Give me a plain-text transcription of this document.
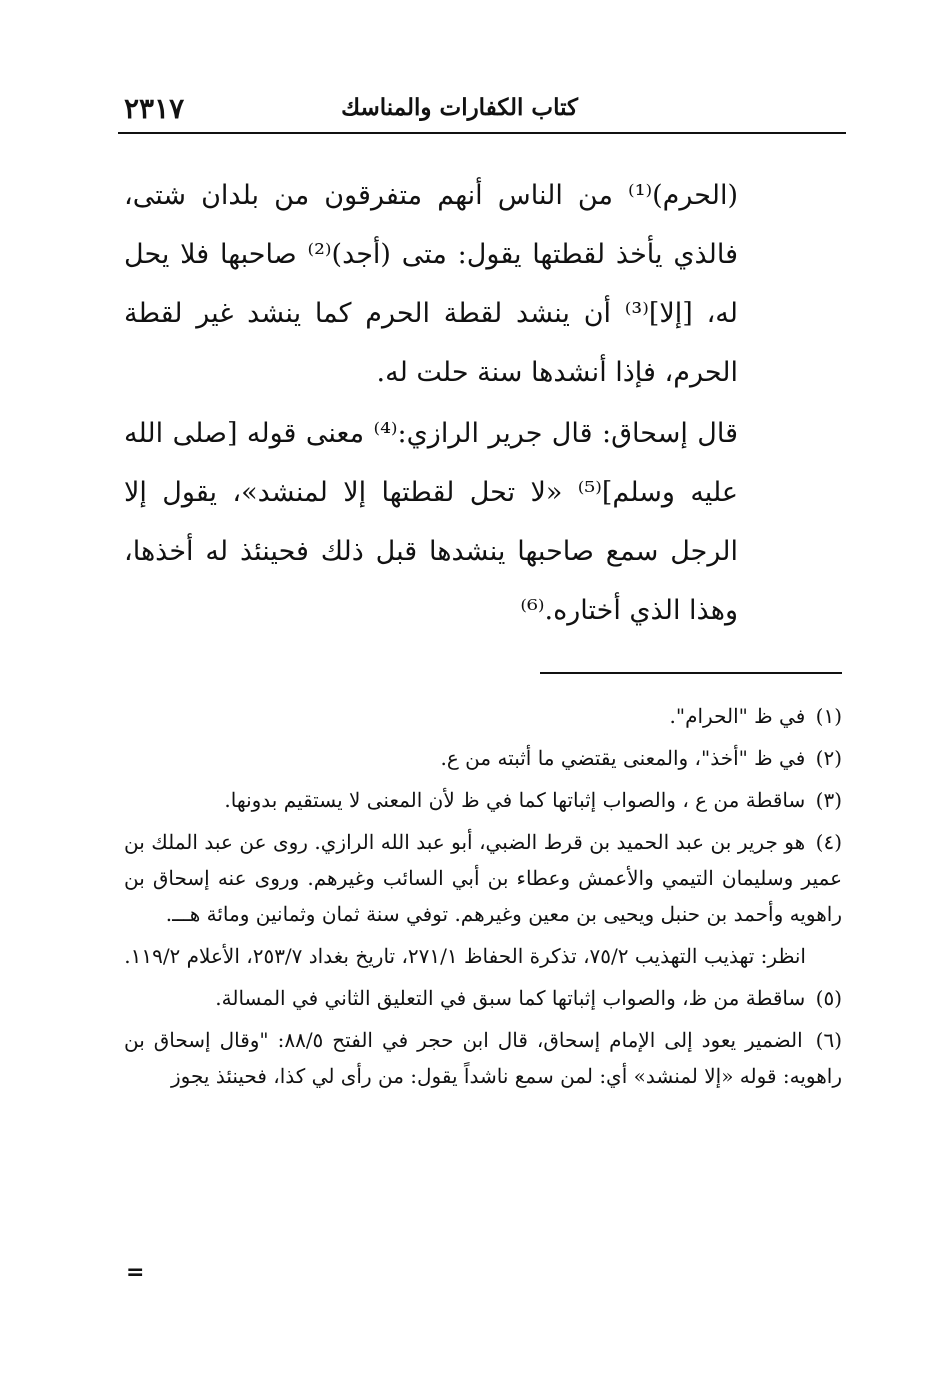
كتاب الكفارات والمناسك
٢٣١٧

(الحرم)⁽¹⁾ من الناس أنهم متفرقون من بلدان شتى، فالذي يأخذ لقطتها يقول: متى (أجد)⁽²⁾ صاحبها فلا يحل له، [إلا]⁽³⁾ أن ينشد لقطة الحرم كما ينشد غير لقطة الحرم، فإذا أنشدها سنة حلت له.

قال إسحاق: قال جرير الرازي:⁽⁴⁾ معنى قوله [صلى الله عليه وسلم]⁽⁵⁾ «لا تحل لقطتها إلا لمنشد»، يقول إلا الرجل سمع صاحبها ينشدها قبل ذلك فحينئذ له أخذها، وهذا الذي أختاره.⁽⁶⁾

(١) في ظ "الحرام".
(٢) في ظ "أخذ"، والمعنى يقتضي ما أثبته من ع.
(٣) ساقطة من ع ، والصواب إثباتها كما في ظ لأن المعنى لا يستقيم بدونها.
(٤) هو جرير بن عبد الحميد بن قرط الضبي، أبو عبد الله الرازي. روى عن عبد الملك بن عمير وسليمان التيمي والأعمش وعطاء بن أبي السائب وغيرهم. وروى عنه إسحاق بن راهويه وأحمد بن حنبل ويحيى بن معين وغيرهم. توفي سنة ثمان وثمانين ومائة هـــ.
انظر: تهذيب التهذيب ٧٥/٢، تذكرة الحفاظ ٢٧١/١، تاريخ بغداد ٢٥٣/٧، الأعلام ١١٩/٢.
(٥) ساقطة من ظ، والصواب إثباتها كما سبق في التعليق الثاني في المسالة.
(٦) الضمير يعود إلى الإمام إسحاق، قال ابن حجر في الفتح ٨٨/٥: "وقال إسحاق بن راهويه: قوله «إلا لمنشد» أي: لمن سمع ناشداً يقول: من رأى لي كذا، فحينئذ يجوز
=
